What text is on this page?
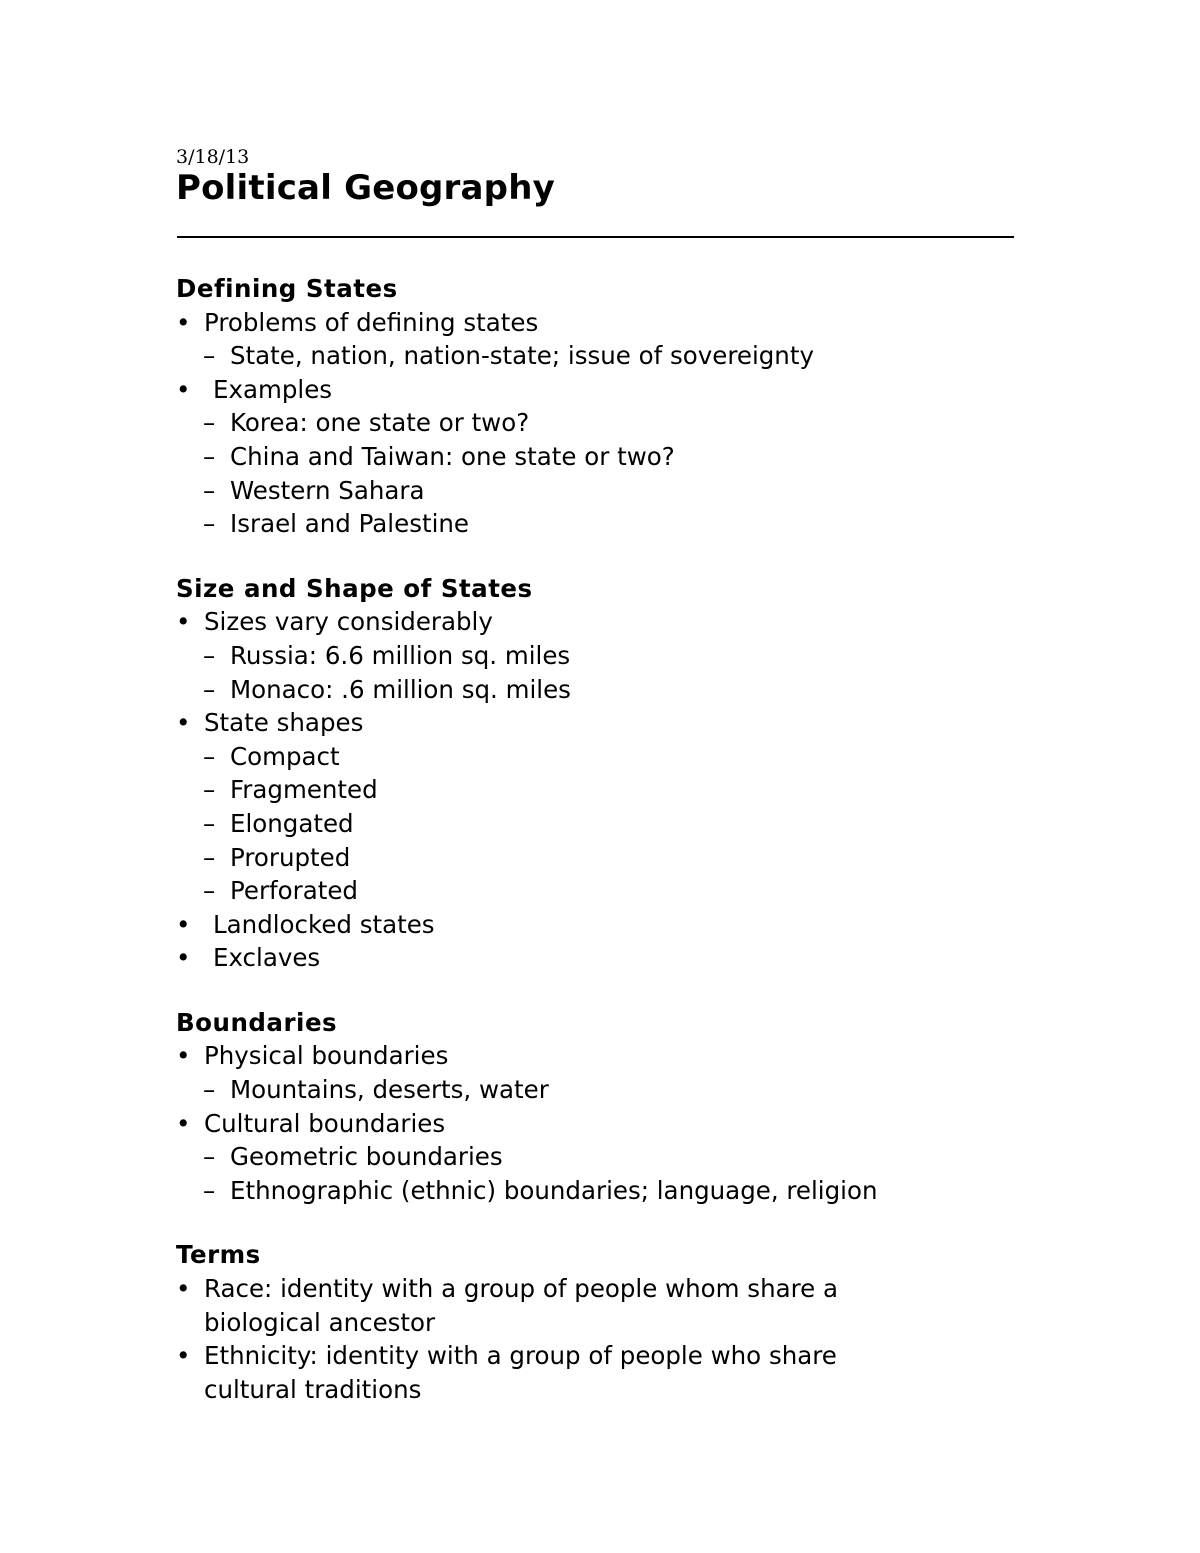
3/18/13
Political Geography
Defining States
• Problems of defining states
– State, nation, nation-state; issue of sovereignty
• Examples
– Korea: one state or two?
– China and Taiwan: one state or two?
– Western Sahara
– Israel and Palestine
Size and Shape of States
• Sizes vary considerably
– Russia: 6.6 million sq. miles
– Monaco: .6 million sq. miles
• State shapes
– Compact
– Fragmented
– Elongated
– Prorupted
– Perforated
• Landlocked states
• Exclaves
Boundaries
• Physical boundaries
– Mountains, deserts, water
• Cultural boundaries
– Geometric boundaries
– Ethnographic (ethnic) boundaries; language, religion
Terms
• Race: identity with a group of people whom share a biological ancestor
• Ethnicity: identity with a group of people who share cultural traditions
